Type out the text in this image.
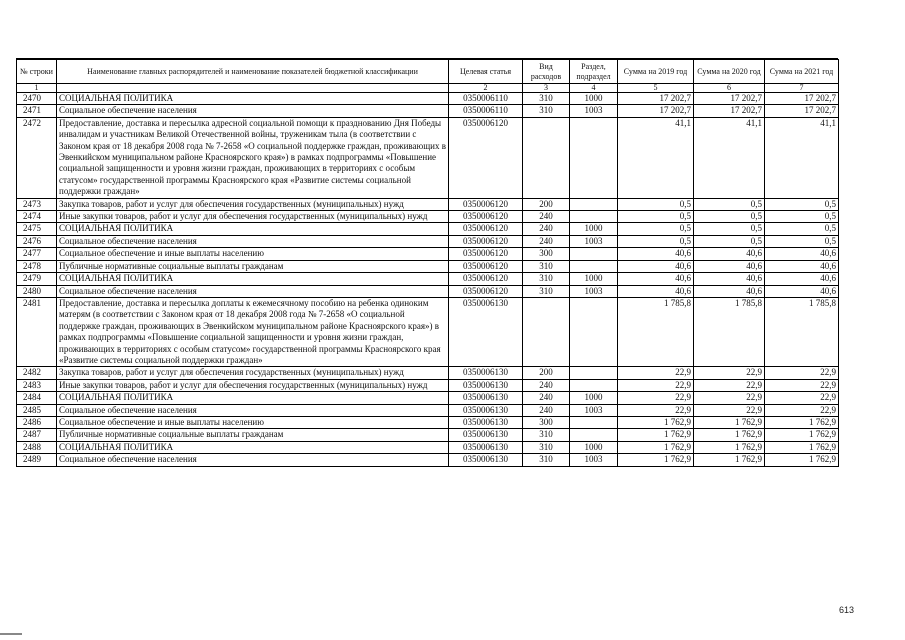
№ строки	Наименование главных распорядителей и наименование показателей бюджетной классификации	Целевая статья	Вид расходов	Раздел, подраздел	Сумма на 2019 год	Сумма на 2020 год	Сумма на 2021 год
1		2	3	4	5	6	7
2470	СОЦИАЛЬНАЯ ПОЛИТИКА	0350006110	310	1000	17 202,7	17 202,7	17 202,7
2471	Социальное обеспечение населения	0350006110	310	1003	17 202,7	17 202,7	17 202,7
2472	Предоставление, доставка и пересылка адресной социальной помощи к празднованию Дня Победы инвалидам и участникам Великой Отечественной войны, труженикам тыла (в соответствии с Законом края от 18 декабря 2008 года № 7-2658 «О социальной поддержке граждан, проживающих в Эвенкийском муниципальном районе Красноярского края») в рамках подпрограммы «Повышение социальной защищенности и уровня жизни граждан, проживающих в территориях с особым статусом» государственной программы Красноярского края «Развитие системы социальной поддержки граждан»	0350006120			41,1	41,1	41,1
2473	Закупка товаров, работ и услуг для обеспечения государственных (муниципальных) нужд	0350006120	200		0,5	0,5	0,5
2474	Иные закупки товаров, работ и услуг для обеспечения государственных (муниципальных) нужд	0350006120	240		0,5	0,5	0,5
2475	СОЦИАЛЬНАЯ ПОЛИТИКА	0350006120	240	1000	0,5	0,5	0,5
2476	Социальное обеспечение населения	0350006120	240	1003	0,5	0,5	0,5
2477	Социальное обеспечение и иные выплаты населению	0350006120	300		40,6	40,6	40,6
2478	Публичные нормативные социальные выплаты гражданам	0350006120	310		40,6	40,6	40,6
2479	СОЦИАЛЬНАЯ ПОЛИТИКА	0350006120	310	1000	40,6	40,6	40,6
2480	Социальное обеспечение населения	0350006120	310	1003	40,6	40,6	40,6
2481	Предоставление, доставка и пересылка доплаты к ежемесячному пособию на ребенка одиноким матерям (в соответствии с Законом края от 18 декабря 2008 года № 7-2658 «О социальной поддержке граждан, проживающих в Эвенкийском муниципальном районе Красноярского края») в рамках подпрограммы «Повышение социальной защищенности и уровня жизни граждан, проживающих в территориях с особым статусом» государственной программы Красноярского края «Развитие системы социальной поддержки граждан»	0350006130			1 785,8	1 785,8	1 785,8
2482	Закупка товаров, работ и услуг для обеспечения государственных (муниципальных) нужд	0350006130	200		22,9	22,9	22,9
2483	Иные закупки товаров, работ и услуг для обеспечения государственных (муниципальных) нужд	0350006130	240		22,9	22,9	22,9
2484	СОЦИАЛЬНАЯ ПОЛИТИКА	0350006130	240	1000	22,9	22,9	22,9
2485	Социальное обеспечение населения	0350006130	240	1003	22,9	22,9	22,9
2486	Социальное обеспечение и иные выплаты населению	0350006130	300		1 762,9	1 762,9	1 762,9
2487	Публичные нормативные социальные выплаты гражданам	0350006130	310		1 762,9	1 762,9	1 762,9
2488	СОЦИАЛЬНАЯ ПОЛИТИКА	0350006130	310	1000	1 762,9	1 762,9	1 762,9
2489	Социальное обеспечение населения	0350006130	310	1003	1 762,9	1 762,9	1 762,9
613
